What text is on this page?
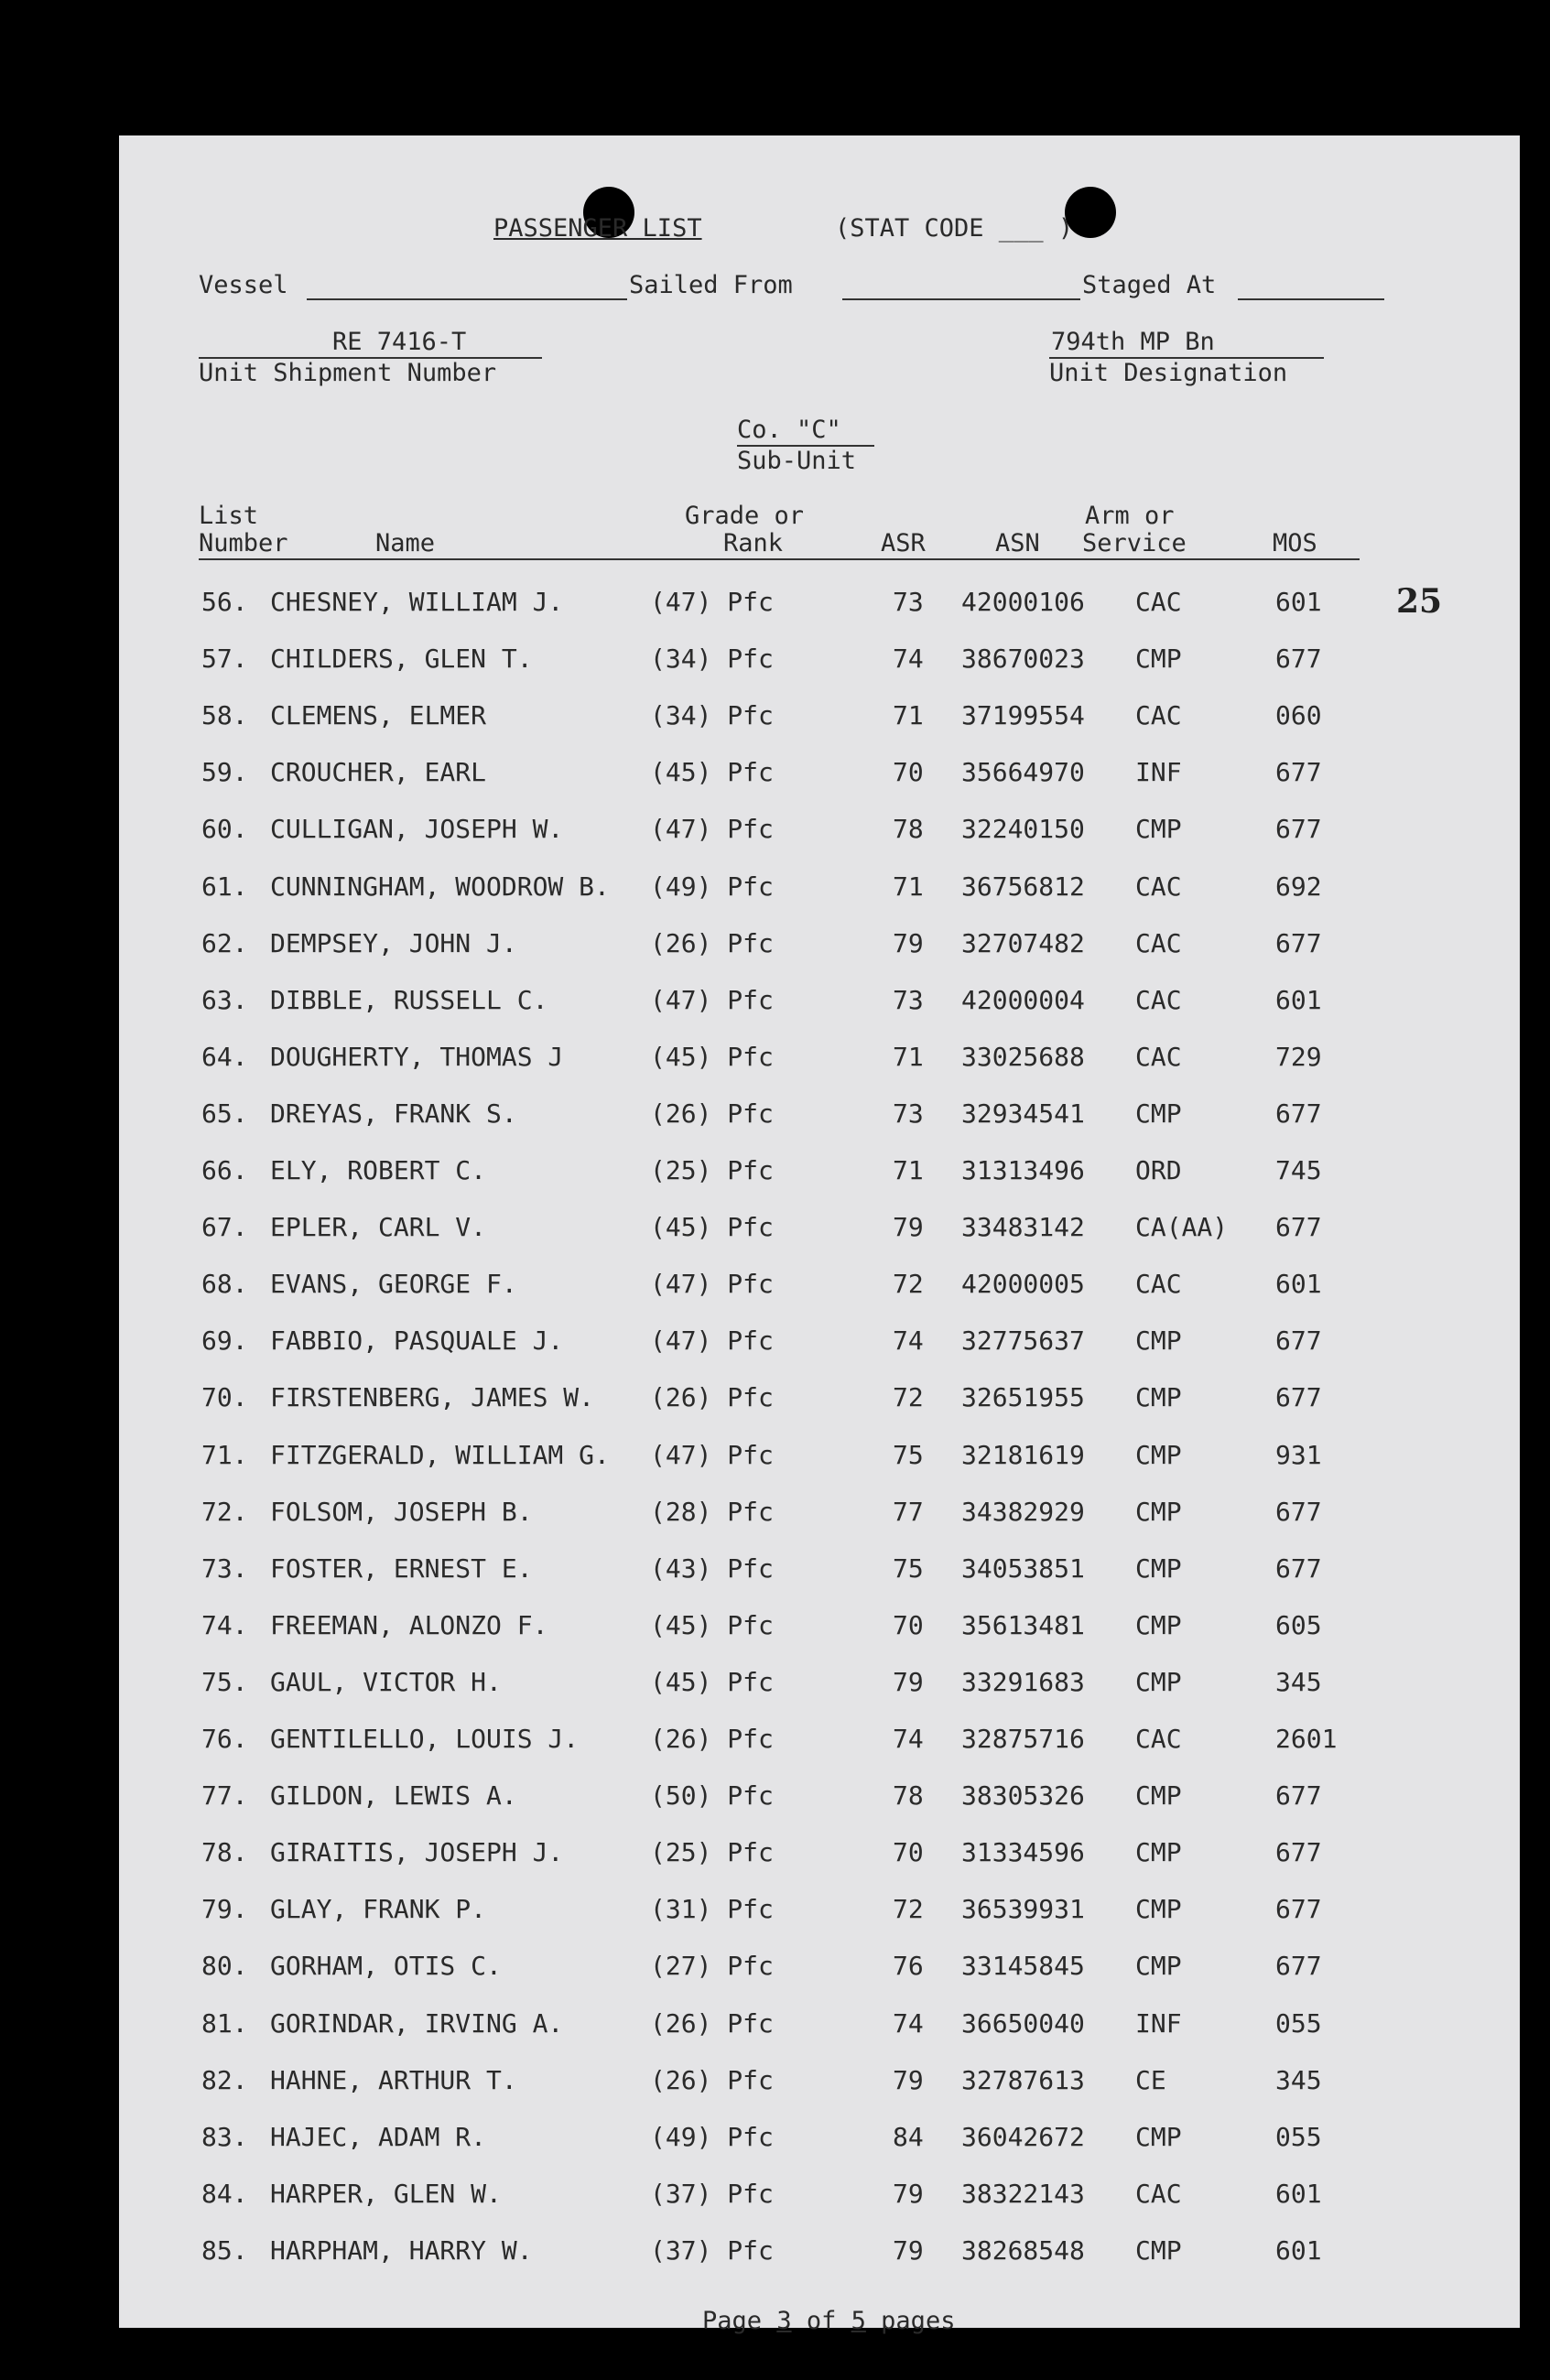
PASSENGER LIST	(STAT CODE ___ )
Vessel	Sailed From	Staged At
RE 7416-T
Unit Shipment Number
794th MP Bn
Unit Designation
Co. "C"
Sub-Unit
List
Number	Name
Grade or
Rank	ASR	ASN
Arm or
Service	MOS
25
56. CHESNEY, WILLIAM J.	(47) Pfc	73 42000106 CAC	601
57. CHILDERS, GLEN T.	(34) Pfc	74 38670023 CMP	677
58. CLEMENS, ELMER	(34) Pfc	71 37199554 CAC	060
59. CROUCHER, EARL	(45) Pfc	70 35664970 INF	677
60. CULLIGAN, JOSEPH W.	(47) Pfc	78 32240150 CMP	677
61. CUNNINGHAM, WOODROW B. (49) Pfc	71 36756812 CAC	692
62. DEMPSEY, JOHN J.	(26) Pfc	79 32707482 CAC	677
63. DIBBLE, RUSSELL C.	(47) Pfc	73 42000004 CAC	601
64. DOUGHERTY, THOMAS J	(45) Pfc	71 33025688 CAC	729
65. DREYAS, FRANK S.	(26) Pfc	73 32934541 CMP	677
66. ELY, ROBERT C.	(25) Pfc	71 31313496 ORD	745
67. EPLER, CARL V.	(45) Pfc	79 33483142 CA(AA) 677
68. EVANS, GEORGE F.	(47) Pfc	72 42000005 CAC	601
69. FABBIO, PASQUALE J.	(47) Pfc	74 32775637 CMP	677
70. FIRSTENBERG, JAMES W. (26) Pfc	72 32651955 CMP	677
71. FITZGERALD, WILLIAM G. (47) Pfc	75 32181619 CMP	931
72. FOLSOM, JOSEPH B.	(28) Pfc	77 34382929 CMP	677
73. FOSTER, ERNEST E.	(43) Pfc	75 34053851 CMP	677
74. FREEMAN, ALONZO F.	(45) Pfc	70 35613481 CMP	605
75. GAUL, VICTOR H.	(45) Pfc	79 33291683 CMP	345
76. GENTILELLO, LOUIS J.	(26) Pfc	74 32875716 CAC	2601
77. GILDON, LEWIS A.	(50) Pfc	78 38305326 CMP	677
78. GIRAITIS, JOSEPH J.	(25) Pfc	70 31334596 CMP	677
79. GLAY, FRANK P.	(31) Pfc	72 36539931 CMP	677
80. GORHAM, OTIS C.	(27) Pfc	76 33145845 CMP	677
81. GORINDAR, IRVING A.	(26) Pfc	74 36650040 INF	055
82. HAHNE, ARTHUR T.	(26) Pfc	79 32787613 CE	345
83. HAJEC, ADAM R.	(49) Pfc	84 36042672 CMP	055
84. HARPER, GLEN W.	(37) Pfc	79 38322143 CAC	601
85. HARPHAM, HARRY W.	(37) Pfc	79 38268548 CMP	601

Page 3 of 5 pages
